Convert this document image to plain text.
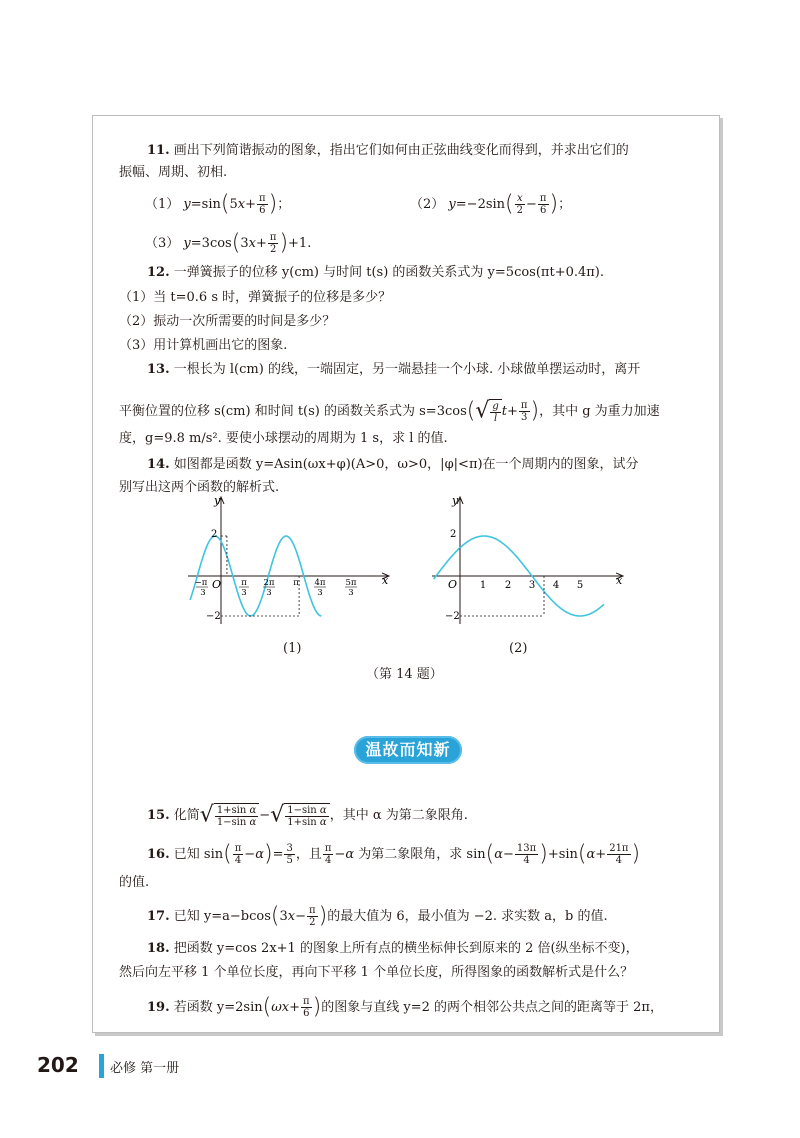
11. 画出下列简谐振动的图象，指出它们如何由正弦曲线变化而得到，并求出它们的
振幅、周期、初相.
（1） $y=\sin(5x+ \frac{\pi}{6}$ )；	（2） $y=-2\sin( \frac{x}{2} - \frac{\pi}{6}$ )；
（3） $y=3\cos(3x+ \frac{\pi}{2} )+1$.
12. 一弹簧振子的位移 y(cm) 与时间 t(s) 的函数关系式为 y=5cos(πt+0.4π).
（1）当 t=0.6 s 时，弹簧振子的位移是多少？
（2）振动一次所需要的时间是多少？
（3）用计算机画出它的图象.
13. 一根长为 l(cm) 的线，一端固定，另一端悬挂一个小球. 小球做单摆运动时，离开
平衡位置的位移 s(cm) 和时间 t(s) 的函数关系式为 $s=3\cos(√ \frac{g}{l} t+ \frac{\pi}{3}$ )，其中 g 为重力加速
度，g=9.8 m/s². 要使小球摆动的周期为 1 s，求 l 的值.
14. 如图都是函数 y=Asin(ωx+φ)(A>0，ω>0，|φ|<π)在一个周期内的图象，试分
别写出这两个函数的解析式.
y
x
O
2
−2
−π
3
π
3
2π
3
π 4π
3
5π
3
(1)
y
x
O
2
−2
1 2 3 4 5
(2)
（第 14 题）
温故而知新
15. 化简√ $\frac{\text{1+sin α}}{\text{1−sin α}}$ −√ $\frac{\text{1−sin α}}{\text{1+sin α}}$ ，其中 α 为第二象限角.
16. 已知 $\sin( \frac{\pi}{4} -\alpha)= \frac{3}{5}$ ，且 $\frac{\pi}{4} -\alpha$ 为第二象限角，求 $\sin(\alpha- \frac{13\pi}{4} )+\sin(\alpha+ \frac{21\pi}{4}$ )
的值.
17. 已知 $y=a-bcos(3x- \frac{\pi}{2}$ )的最大值为 6，最小值为 −2. 求实数 a，b 的值.
18. 把函数 y=cos 2x+1 的图象上所有点的横坐标伸长到原来的 2 倍(纵坐标不变)，
然后向左平移 1 个单位长度，再向下平移 1 个单位长度，所得图象的函数解析式是什么？
19. 若函数 $y=2\sin(\omega x+ \frac{\pi}{6}$ )的图象与直线 y=2 的两个相邻公共点之间的距离等于 2π，
202 必修 第一册
